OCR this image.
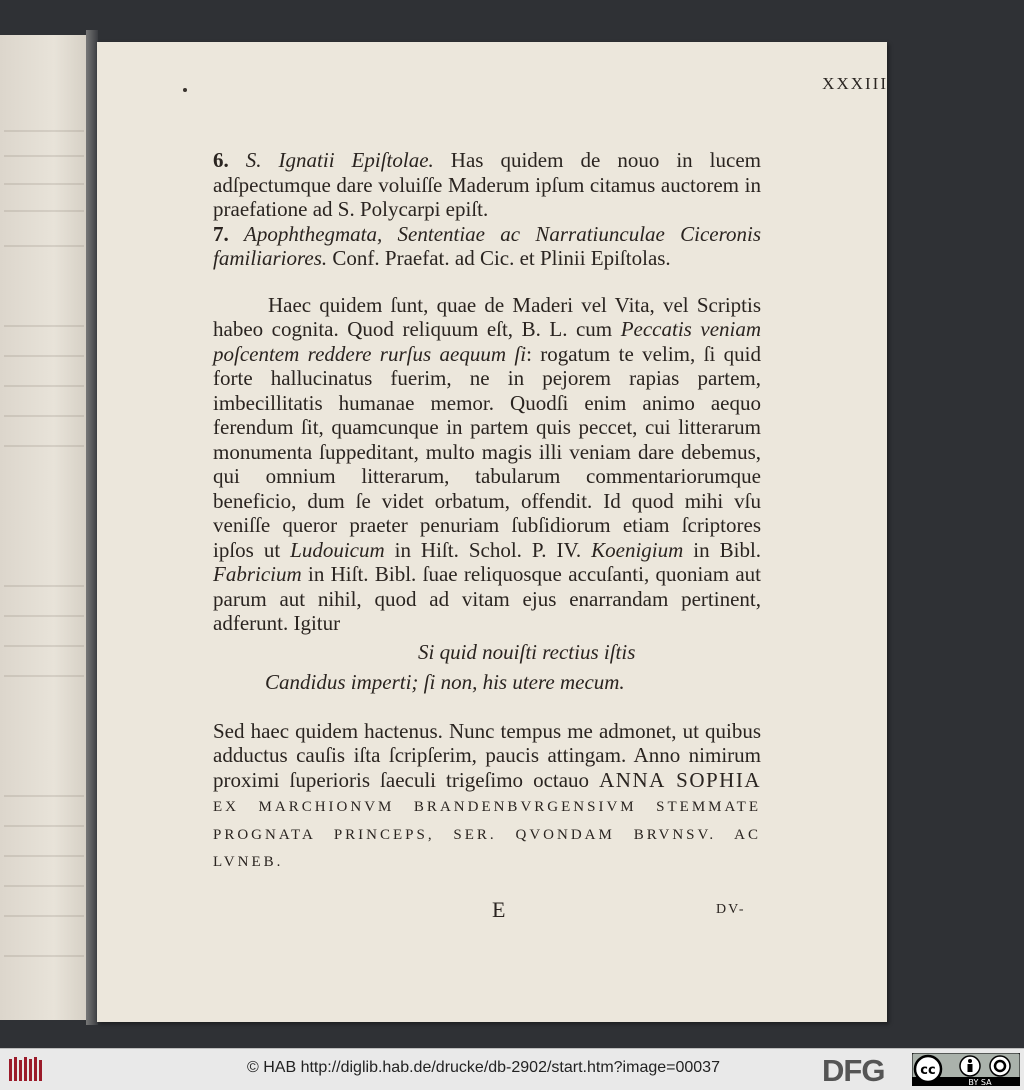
XXXIII
6. S. Ignatii Epiſtolae. Has quidem de nouo in lucem adſpectumque dare voluiſſe Maderum ipſum citamus auctorem in praefatione ad S. Polycarpi epiſt.
7. Apophthegmata, Sententiae ac Narratiunculae Ciceronis familiariores. Conf. Praefat. ad Cic. et Plinii Epiſtolas.
Haec quidem ſunt, quae de Maderi vel Vita, vel Scriptis habeo cognita. Quod reliquum eſt, B. L. cum Peccatis veniam poſcentem reddere rurſus aequum ſi: rogatum te velim, ſi quid forte hallucinatus fuerim, ne in pejorem rapias partem, imbecillitatis humanae memor. Quodſi enim animo aequo ferendum ſit, quamcunque in partem quis peccet, cui litterarum monumenta ſuppeditant, multo magis illi veniam dare debemus, qui omnium litterarum, tabularum commentariorumque beneficio, dum ſe videt orbatum, offendit. Id quod mihi vſu veniſſe queror praeter penuriam ſubſidiorum etiam ſcriptores ipſos ut Ludouicum in Hiſt. Schol. P. IV. Koenigium in Bibl. Fabricium in Hiſt. Bibl. ſuae reliquosque accuſanti, quoniam aut parum aut nihil, quod ad vitam ejus enarrandam pertinent, adferunt. Igitur
Si quid nouiſti rectius iſtis
Candidus imperti; ſi non, his utere mecum.
Sed haec quidem hactenus. Nunc tempus me admonet, ut quibus adductus cauſis iſta ſcripſerim, paucis attingam. Anno nimirum proximi ſuperioris ſaeculi trigeſimo octauo ANNA SOPHIA EX MARCHIONVM BRANDENBVRGENSIVM STEMMATE PROGNATA PRINCEPS, SER. QVONDAM BRVNSV. AC LVNEB.
E	DV-
© HAB http://diglib.hab.de/drucke/db-2902/start.htm?image=00037	DFG	cc
BY SA
